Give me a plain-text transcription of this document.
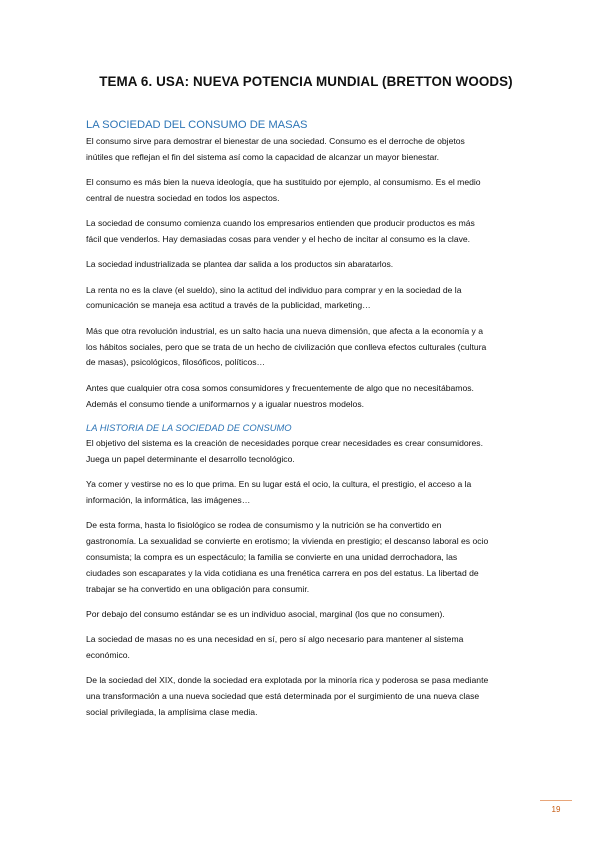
TEMA 6. USA: NUEVA POTENCIA MUNDIAL (BRETTON WOODS)
LA SOCIEDAD DEL CONSUMO DE MASAS

El consumo sirve para demostrar el bienestar de una sociedad. Consumo es el derroche de objetos inútiles que reflejan el fin del sistema así como la capacidad de alcanzar un mayor bienestar.

El consumo es más bien la nueva ideología, que ha sustituido por ejemplo, al consumismo. Es el medio central de nuestra sociedad en todos los aspectos.

La sociedad de consumo comienza cuando los empresarios entienden que producir productos es más fácil que venderlos. Hay demasiadas cosas para vender y el hecho de incitar al consumo es la clave.

La sociedad industrializada se plantea dar salida a los productos sin abaratarlos.

La renta no es la clave (el sueldo), sino la actitud del individuo para comprar y en la sociedad de la comunicación se maneja esa actitud a través de la publicidad, marketing…

Más que otra revolución industrial, es un salto hacia una nueva dimensión, que afecta a la economía y a los hábitos sociales, pero que se trata de un hecho de civilización que conlleva efectos culturales (cultura de masas), psicológicos, filosóficos, políticos…

Antes que cualquier otra cosa somos consumidores y frecuentemente de algo que no necesitábamos. Además el consumo tiende a uniformarnos y a igualar nuestros modelos.

LA HISTORIA DE LA SOCIEDAD DE CONSUMO

El objetivo del sistema es la creación de necesidades porque crear necesidades es crear consumidores. Juega un papel determinante el desarrollo tecnológico.

Ya comer y vestirse no es lo que prima. En su lugar está el ocio, la cultura, el prestigio, el acceso a la información, la informática, las imágenes…

De esta forma, hasta lo fisiológico se rodea de consumismo y la nutrición se ha convertido en gastronomía. La sexualidad se convierte en erotismo; la vivienda en prestigio; el descanso laboral es ocio consumista; la compra es un espectáculo; la familia se convierte en una unidad derrochadora, las ciudades son escaparates y la vida cotidiana es una frenética carrera en pos del estatus. La libertad de trabajar se ha convertido en una obligación para consumir.

Por debajo del consumo estándar se es un individuo asocial, marginal (los que no consumen).

La sociedad de masas no es una necesidad en sí, pero sí algo necesario para mantener al sistema económico.

De la sociedad del XIX, donde la sociedad era explotada por la minoría rica y poderosa se pasa mediante una transformación a una nueva sociedad que está determinada por el surgimiento de una nueva clase social privilegiada, la amplísima clase media.

19
